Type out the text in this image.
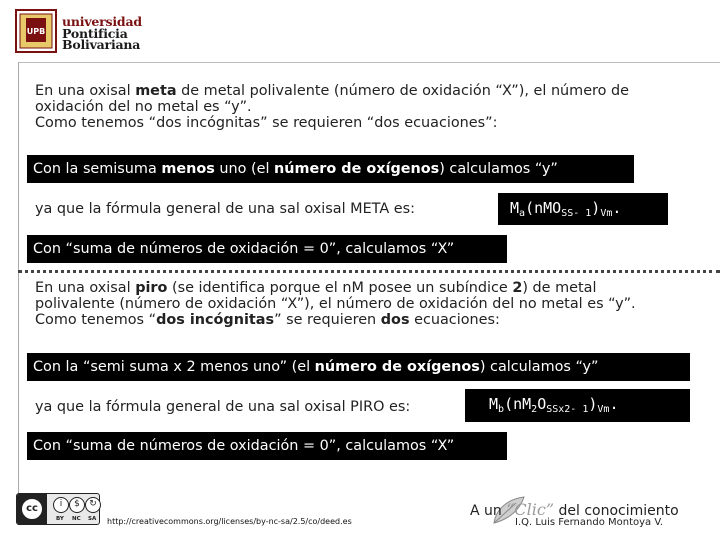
UPB
universidad
Pontificia
Bolivariana
En una oxisal meta de metal polivalente (número de oxidación “X”), el número de
oxidación del no metal es “y”.
Como tenemos “dos incógnitas” se requieren “dos ecuaciones”:
Con la semisuma menos uno (el número de oxígenos) calculamos “y”
ya que la fórmula general de una sal oxisal META es:	$M_a(nMO_{SS- 1})_{Vm}$.
Con “suma de números de oxidación = 0”, calculamos “X”
En una oxisal piro (se identifica porque el nM posee un subíndice 2) de metal
polivalente (número de oxidación “X”), el número de oxidación del no metal es “y”.
Como tenemos “dos incógnitas” se requieren dos ecuaciones:
Con la “semi suma x 2 menos uno” (el número de oxígenos) calculamos “y”
ya que la fórmula general de una sal oxisal PIRO es:	$M_b(nM_2O_{SSx2- 1})_{Vm}$.
Con “suma de números de oxidación = 0”, calculamos “X”
cc	i	$	↻
BY NC SA http://creativecommons.org/licenses/by-nc-sa/2.5/co/deed.es
A un “Clic” del conocimiento
I.Q. Luis Fernando Montoya V.
